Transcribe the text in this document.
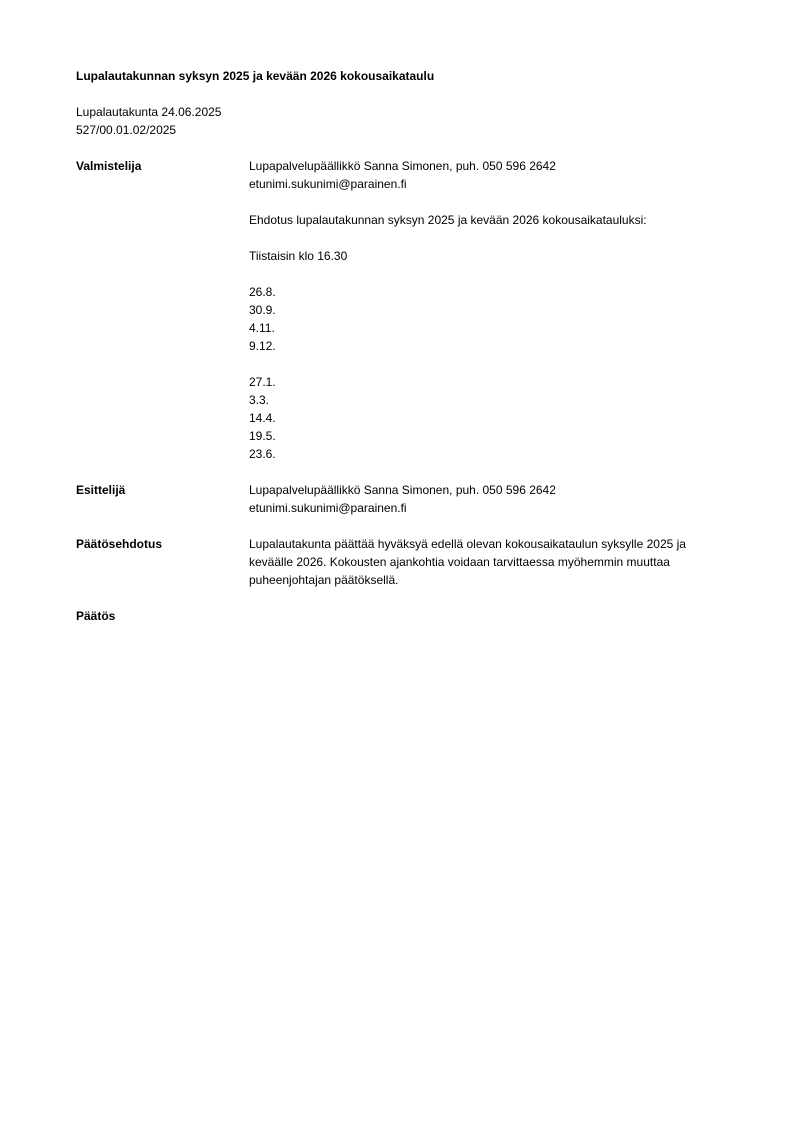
Lupalautakunnan syksyn 2025 ja kevään 2026 kokousaikataulu
Lupalautakunta 24.06.2025
527/00.01.02/2025
Valmistelija	Lupapalvelupäällikkö Sanna Simonen, puh. 050 596 2642
etunimi.sukunimi@parainen.fi
Ehdotus lupalautakunnan syksyn 2025 ja kevään 2026 kokousaikatauluksi:
Tiistaisin klo 16.30
26.8.
30.9.
4.11.
9.12.
27.1.
3.3.
14.4.
19.5.
23.6.
Esittelijä	Lupapalvelupäällikkö Sanna Simonen, puh. 050 596 2642
etunimi.sukunimi@parainen.fi
Päätösehdotus	Lupalautakunta päättää hyväksyä edellä olevan kokousaikataulun syksylle 2025 ja
keväälle 2026. Kokousten ajankohtia voidaan tarvittaessa myöhemmin muuttaa
puheenjohtajan päätöksellä.
Päätös
